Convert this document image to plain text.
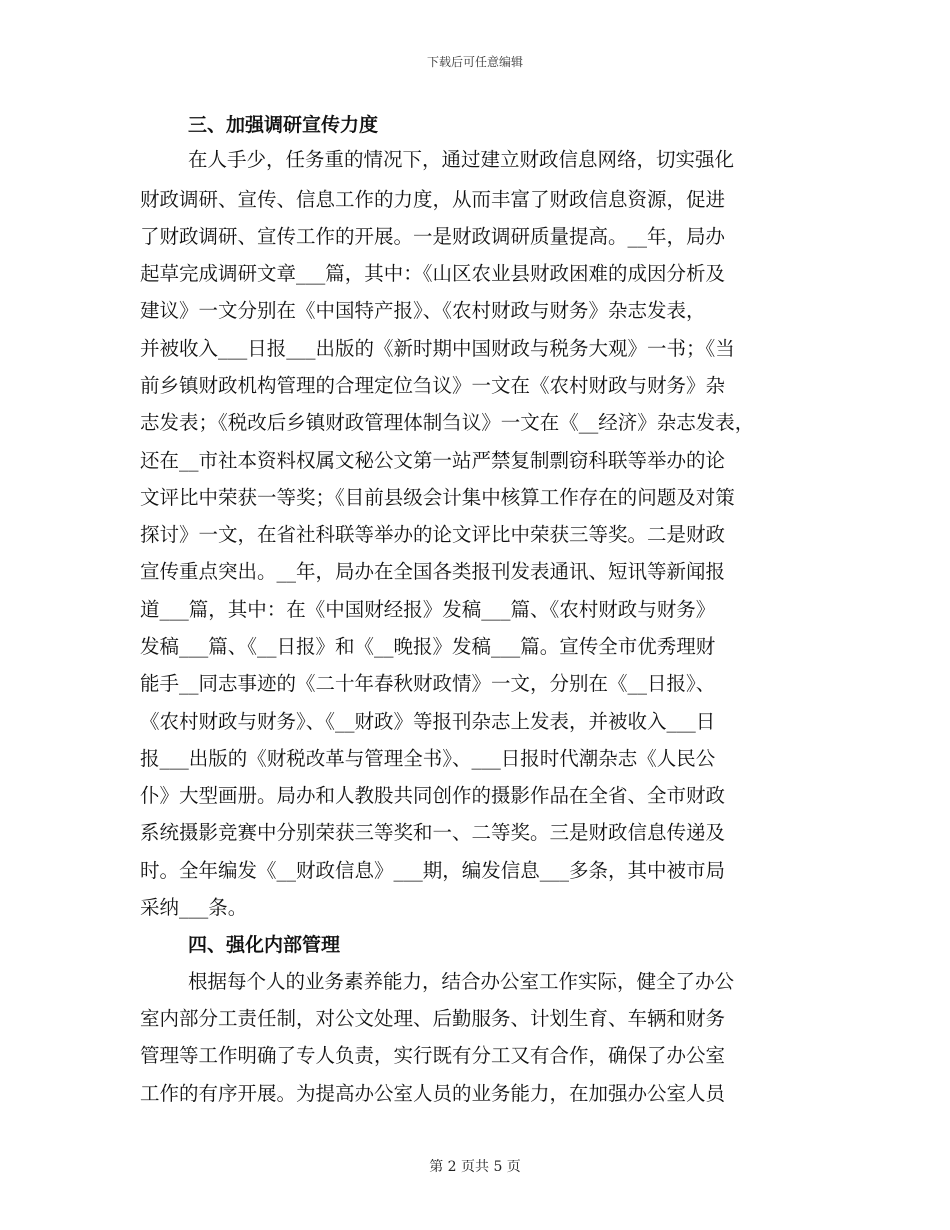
下载后可任意编辑
三、加强调研宣传力度
在人手少，任务重的情况下，通过建立财政信息网络，切实强化
财政调研、宣传、信息工作的力度，从而丰富了财政信息资源，促进
了财政调研、宣传工作的开展。一是财政调研质量提高。__年，局办
起草完成调研文章___篇，其中：《山区农业县财政困难的成因分析及
建议》一文分别在《中国特产报》、《农村财政与财务》杂志发表，
并被收入___日报___出版的《新时期中国财政与税务大观》一书；《当
前乡镇财政机构管理的合理定位刍议》一文在《农村财政与财务》杂
志发表；《税改后乡镇财政管理体制刍议》一文在《__经济》杂志发表，
还在__市社本资料权属文秘公文第一站严禁复制剽窃科联等举办的论
文评比中荣获一等奖；《目前县级会计集中核算工作存在的问题及对策
探讨》一文，在省社科联等举办的论文评比中荣获三等奖。二是财政
宣传重点突出。__年，局办在全国各类报刊发表通讯、短讯等新闻报
道___篇，其中：在《中国财经报》发稿___篇、《农村财政与财务》
发稿___篇、《__日报》和《__晚报》发稿___篇。宣传全市优秀理财
能手__同志事迹的《二十年春秋财政情》一文，分别在《__日报》、
《农村财政与财务》、《__财政》等报刊杂志上发表，并被收入___日
报___出版的《财税改革与管理全书》、___日报时代潮杂志《人民公
仆》大型画册。局办和人教股共同创作的摄影作品在全省、全市财政
系统摄影竞赛中分别荣获三等奖和一、二等奖。三是财政信息传递及
时。全年编发《__财政信息》___期，编发信息___多条，其中被市局
采纳___条。
四、强化内部管理
根据每个人的业务素养能力，结合办公室工作实际，健全了办公
室内部分工责任制，对公文处理、后勤服务、计划生育、车辆和财务
管理等工作明确了专人负责，实行既有分工又有合作，确保了办公室
工作的有序开展。为提高办公室人员的业务能力，在加强办公室人员
第 2 页共 5 页
